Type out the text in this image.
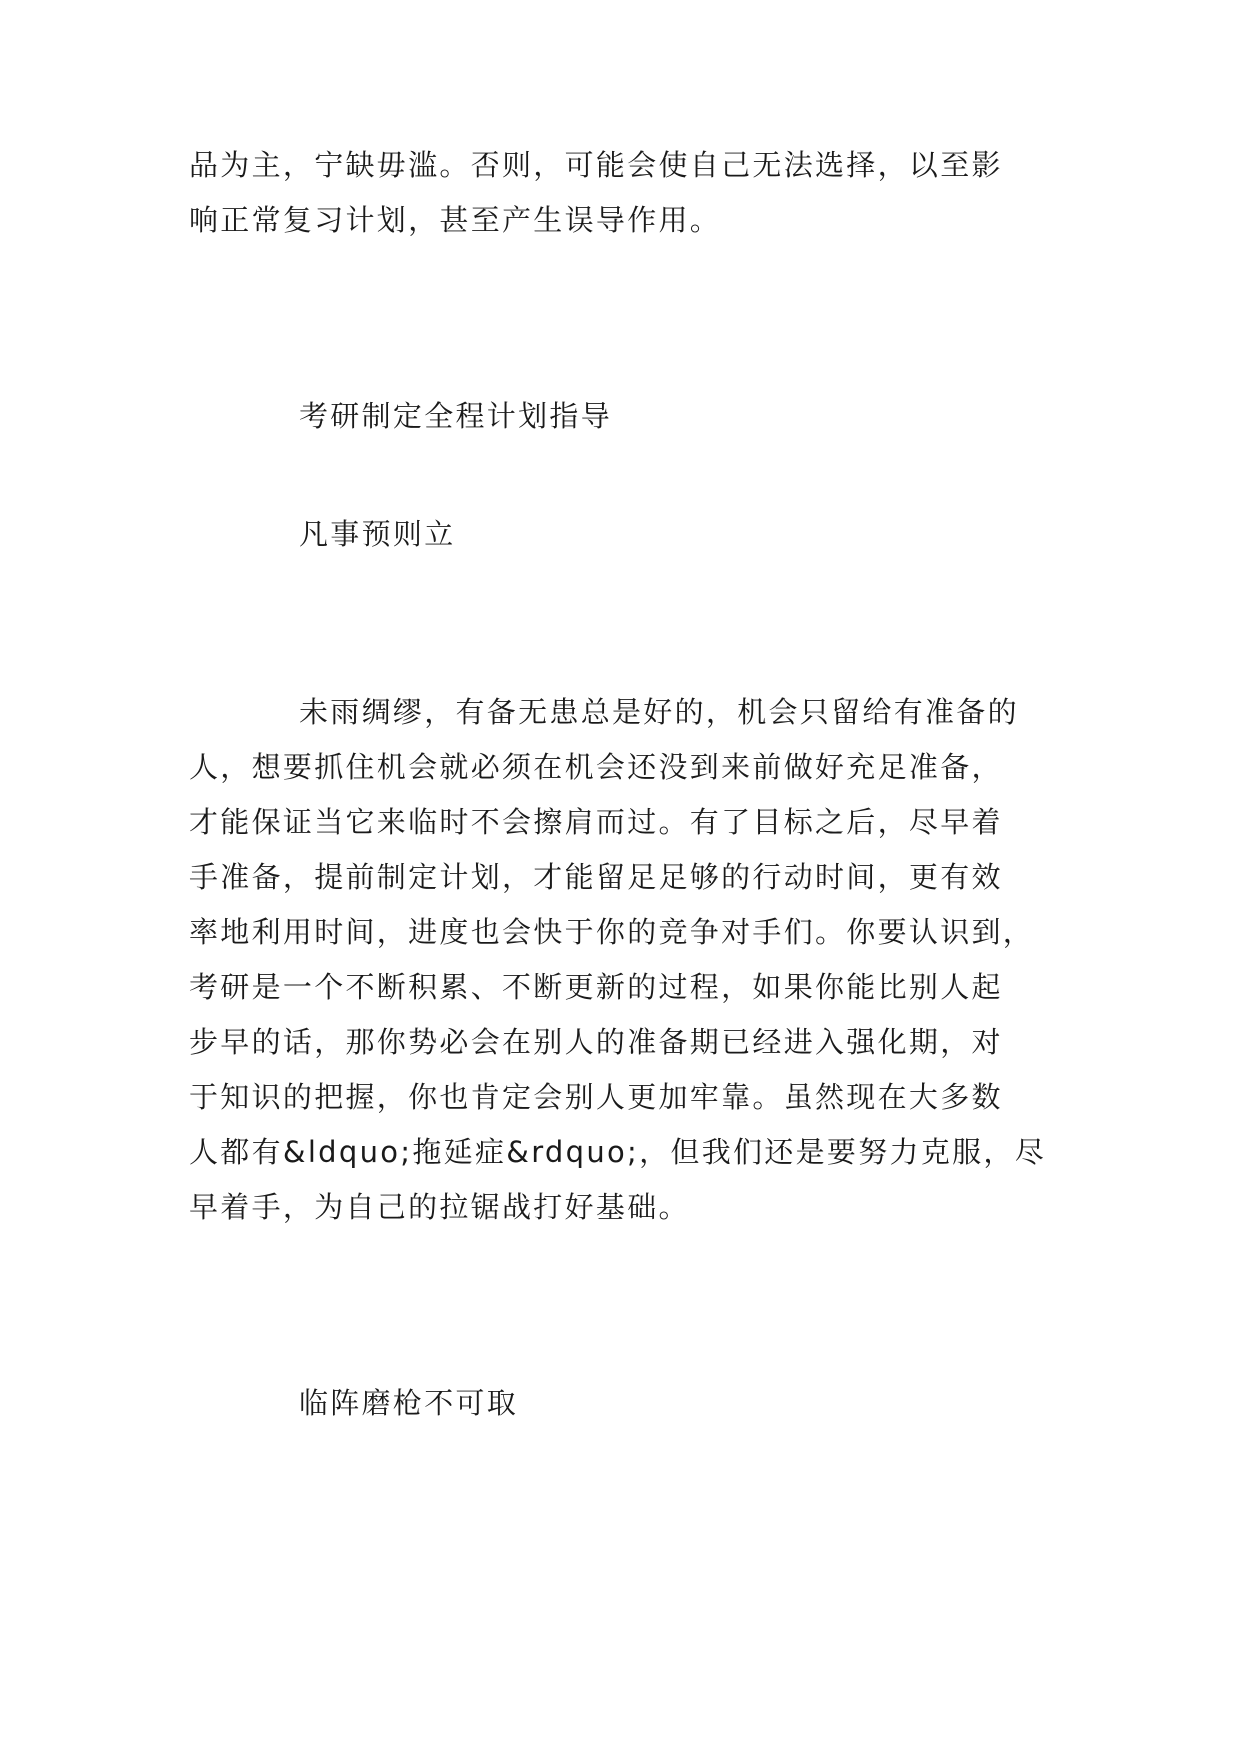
品为主，宁缺毋滥。否则，可能会使自己无法选择，以至影
响正常复习计划，甚至产生误导作用。
考研制定全程计划指导
凡事预则立
未雨绸缪，有备无患总是好的，机会只留给有准备的
人，想要抓住机会就必须在机会还没到来前做好充足准备，
才能保证当它来临时不会擦肩而过。有了目标之后，尽早着
手准备，提前制定计划，才能留足足够的行动时间，更有效
率地利用时间，进度也会快于你的竞争对手们。你要认识到，
考研是一个不断积累、不断更新的过程，如果你能比别人起
步早的话，那你势必会在别人的准备期已经进入强化期，对
于知识的把握，你也肯定会别人更加牢靠。虽然现在大多数
人都有&ldquo;拖延症&rdquo;，但我们还是要努力克服，尽
早着手，为自己的拉锯战打好基础。
临阵磨枪不可取
